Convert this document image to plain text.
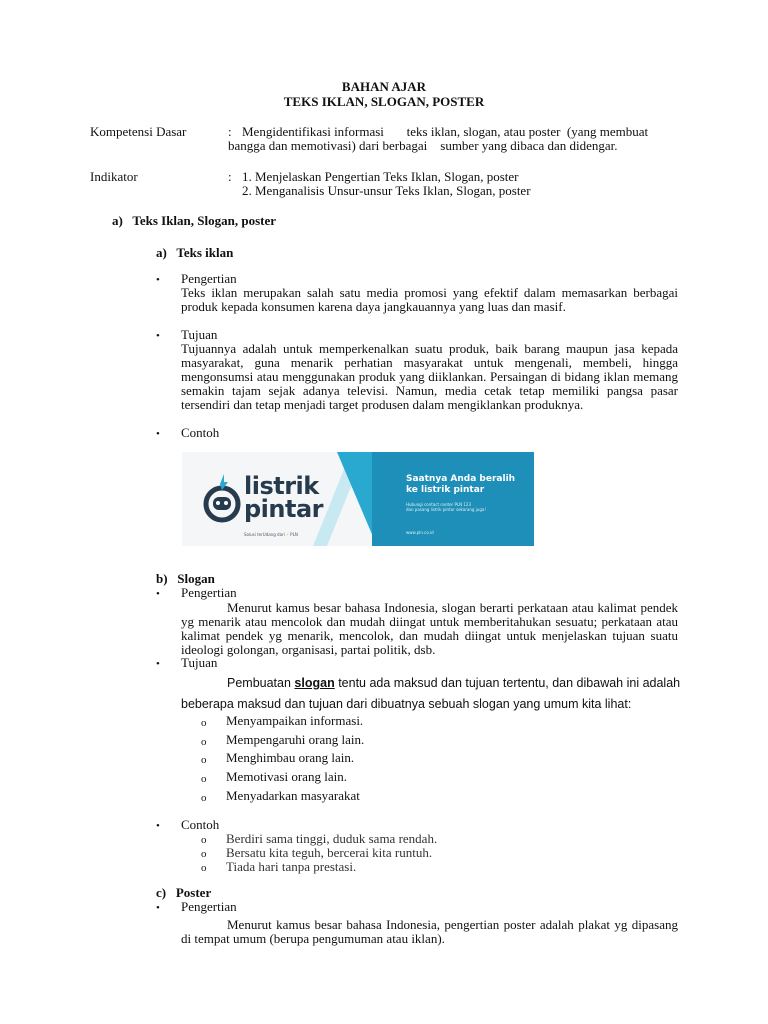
BAHAN AJAR
TEKS IKLAN, SLOGAN, POSTER
Kompetensi Dasar	: Mengidentifikasi informasi       teks iklan, slogan, atau poster  (yang membuat
bangga dan memotivasi) dari berbagai    sumber yang dibaca dan didengar.
Indikator	: 1. Menjelaskan Pengertian Teks Iklan, Slogan, poster
2. Menganalisis Unsur-unsur Teks Iklan, Slogan, poster
a)   Teks Iklan, Slogan, poster
a)   Teks iklan
• Pengertian
Teks iklan merupakan salah satu media promosi yang efektif dalam memasarkan berbagai produk kepada konsumen karena daya jangkauannya yang luas dan masif.
• Tujuan
Tujuannya adalah untuk memperkenalkan suatu produk, baik barang maupun jasa kepada masyarakat, guna menarik perhatian masyarakat untuk mengenali, membeli, hingga mengonsumsi atau menggunakan produk yang diiklankan. Persaingan di bidang iklan memang semakin tajam sejak adanya televisi. Namun, media cetak tetap memiliki pangsa pasar tersendiri dan tetap menjadi target produsen dalam mengiklankan produknya.
• Contoh
listrik
pintar
Solusi terUdang dari ⚡ PLN
Saatnya Anda beralih
ke listrik pintar
Hubungi contact center PLN 123
dan pasang listrik pintar sekarang juga!
www.pln.co.id
b)   Slogan
• Pengertian
Menurut kamus besar bahasa Indonesia, slogan berarti perkataan atau kalimat pendek yg menarik atau mencolok dan mudah diingat untuk memberitahukan sesuatu; perkataan atau kalimat pendek yg menarik, mencolok, dan mudah diingat untuk menjelaskan tujuan suatu ideologi golongan, organisasi, partai politik, dsb.
• Tujuan
Pembuatan slogan tentu ada maksud dan tujuan tertentu, dan dibawah ini adalah
beberapa maksud dan tujuan dari dibuatnya sebuah slogan yang umum kita lihat:
o Menyampaikan informasi.
o Mempengaruhi orang lain.
o Menghimbau orang lain.
o Memotivasi orang lain.
o Menyadarkan masyarakat
• Contoh
o Berdiri sama tinggi, duduk sama rendah.
o Bersatu kita teguh, bercerai kita runtuh.
o Tiada hari tanpa prestasi.
c)   Poster
• Pengertian
Menurut kamus besar bahasa Indonesia, pengertian poster adalah plakat yg dipasang di tempat umum (berupa pengumuman atau iklan).
